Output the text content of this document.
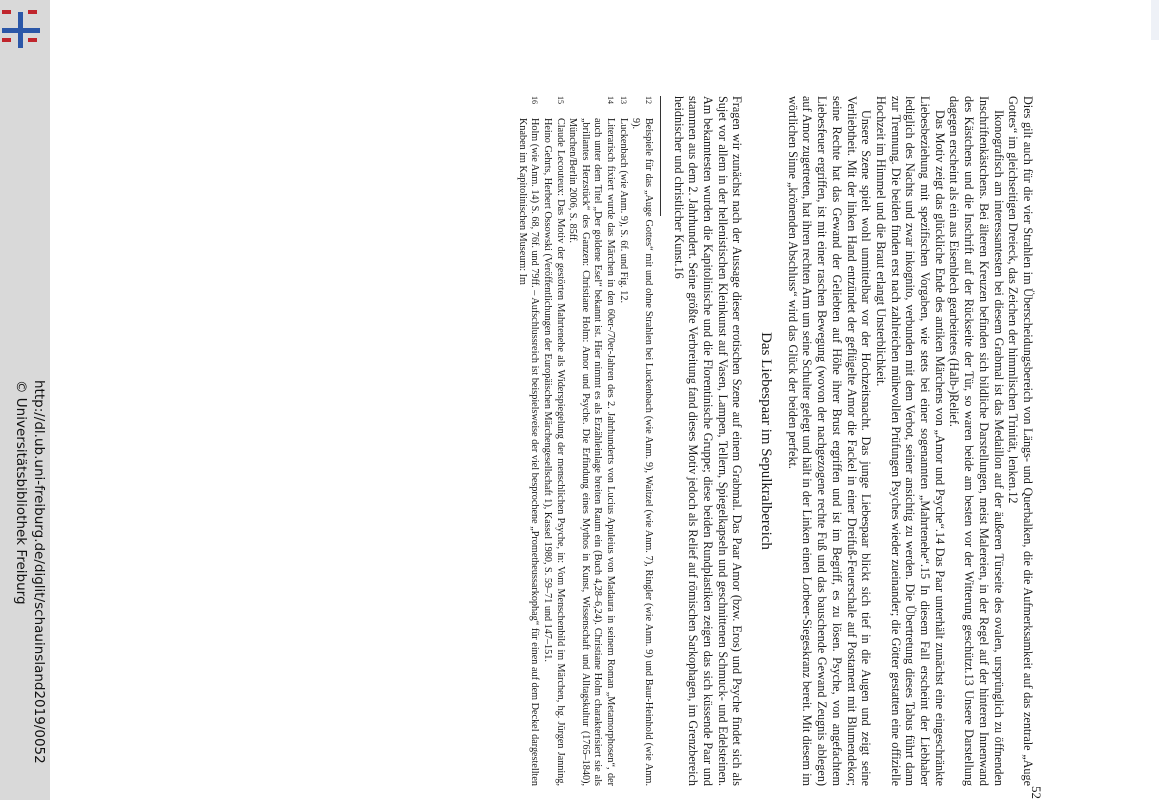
http://dl.ub.uni-freiburg.de/diglit/schauinsland2019/0052
© Universitätsbibliothek Freiburg	Dies gilt auch für die vier Strahlen im Überscheidungsbereich von Längs- und Querbalken, die die Aufmerksamkeit auf das zentrale „Auge Gottes“ im gleichseitigen Dreieck, das Zeichen der himmlischen Trinität, lenken.12

Ikonografisch am interessantesten bei diesem Grabmal ist das Medaillon auf der äußeren Türseite des ovalen, ursprünglich zu öffnenden Inschriftenkästchens. Bei älteren Kreuzen befinden sich bildliche Darstellungen, meist Malereien, in der Regel auf der hinteren Innenwand des Kästchens und die Inschrift auf der Rückseite der Tür, so waren beide am besten vor der Witterung geschützt.13 Unsere Darstellung dagegen erscheint als ein aus Eisenblech gearbeitetes (Halb-)Relief.

Das Motiv zeigt das glückliche Ende des antiken Märchens von „Amor und Psyche“.14 Das Paar unterhält zunächst eine eingeschränkte Liebesbeziehung mit spezifischen Vorgaben, wie stets bei einer sogenannten „Mahrtenehe“.15 In diesem Fall erscheint der Liebhaber lediglich des Nachts und zwar inkognito, verbunden mit dem Verbot, seiner ansichtig zu werden. Die Übertretung dieses Tabus führt dann zur Trennung. Die beiden finden erst nach zahlreichen mühevollen Prüfungen Psyches wieder zueinander; die Götter gestatten eine offizielle Hochzeit im Himmel und die Braut erlangt Unsterblichkeit.

Unsere Szene spielt wohl unmittelbar vor der Hochzeitsnacht. Das junge Liebespaar blickt sich tief in die Augen und zeigt seine Verliebtheit. Mit der linken Hand entzündet der geflügelte Amor die Fackel in einer Dreifuß-Feuerschale auf Postament mit Blumendekor; seine Rechte hat das Gewand der Geliebten auf Höhe ihrer Brust ergriffen und ist im Begriff, es zu lösen. Psyche, von angefachtem Liebesfeuer ergriffen, ist mit einer raschen Bewegung (wovon der nachgezogene rechte Fuß und das bauschende Gewand Zeugnis ablegen) auf Amor zugetreten, hat ihren rechten Arm um seine Schulter gelegt und hält in der Linken einen Lorbeer-Siegeskranz bereit. Mit diesem im wörtlichen Sinne „krönenden Abschluss“ wird das Glück der beiden perfekt.

Das Liebespaar im Sepulkralbereich

Fragen wir zunächst nach der Aussage dieser erotischen Szene auf einem Grabmal. Das Paar Amor (bzw. Eros) und Psyche findet sich als Sujet vor allem in der hellenistischen Kleinkunst auf Vasen, Lampen, Tellern, Spiegelkapseln und geschnittenen Schmuck- und Edelsteinen. Am bekanntesten wurden die Kapitolinische und die Florentinische Gruppe; diese beiden Rundplastiken zeigen das sich küssende Paar und stammen aus dem 2. Jahrhundert. Seine größte Verbreitung fand dieses Motiv jedoch als Relief auf römischen Sarkophagen, im Grenzbereich heidnischer und christlicher Kunst.16

12
Beispiele für das „Auge Gottes“ mit und ohne Strahlen bei Luckenbach (wie Anm. 9), Waitzel (wie Anm. 7), Ringler (wie Anm. 9) und Baur-Heinhold (wie Anm. 9).
13
Luckenbach (wie Anm. 9), S. 6f. und Fig. 12.
14
Literarisch fixiert wurde das Märchen in den 60er-/70er-Jahren des 2. Jahrhunderts von Lucius Apuleius von Madaura in seinem Roman „Metamorphosen“, der auch unter dem Titel „Der goldene Esel“ bekannt ist. Hier nimmt es als Erzähleinlage breiten Raum ein (Buch 4,28–6,24). Christiane Holm charakterisiert sie als „brillantes Herzstück“ des Ganzen: Christiane Holm: Amor und Psyche. Die Erfindung eines Mythos in Kunst, Wissenschaft und Alltagskultur (1765–1840), München/Berlin 2006, S. 85ff.
15
Claude Lecouteux: Das Motiv der gestörten Mahrtenehe als Widerspiegelung der menschlichen Psyche, in: Vom Menschenbild im Märchen, hg. Jürgen Janning, Heino Gehrts, Herbert Ossowski (Veröffentlichungen der Europäischen Märchengesellschaft 1), Kassel 1980, S. 59–71 und 147–151.
16
Holm (wie Anm. 14) S. 68, 76f. und 79ff. – Aufschlussreich ist beispielsweise der viel besprochene „Prometheussarkophag“ für einen auf dem Deckel dargestellten Knaben im Kapitolinischen Museum: Im
52
